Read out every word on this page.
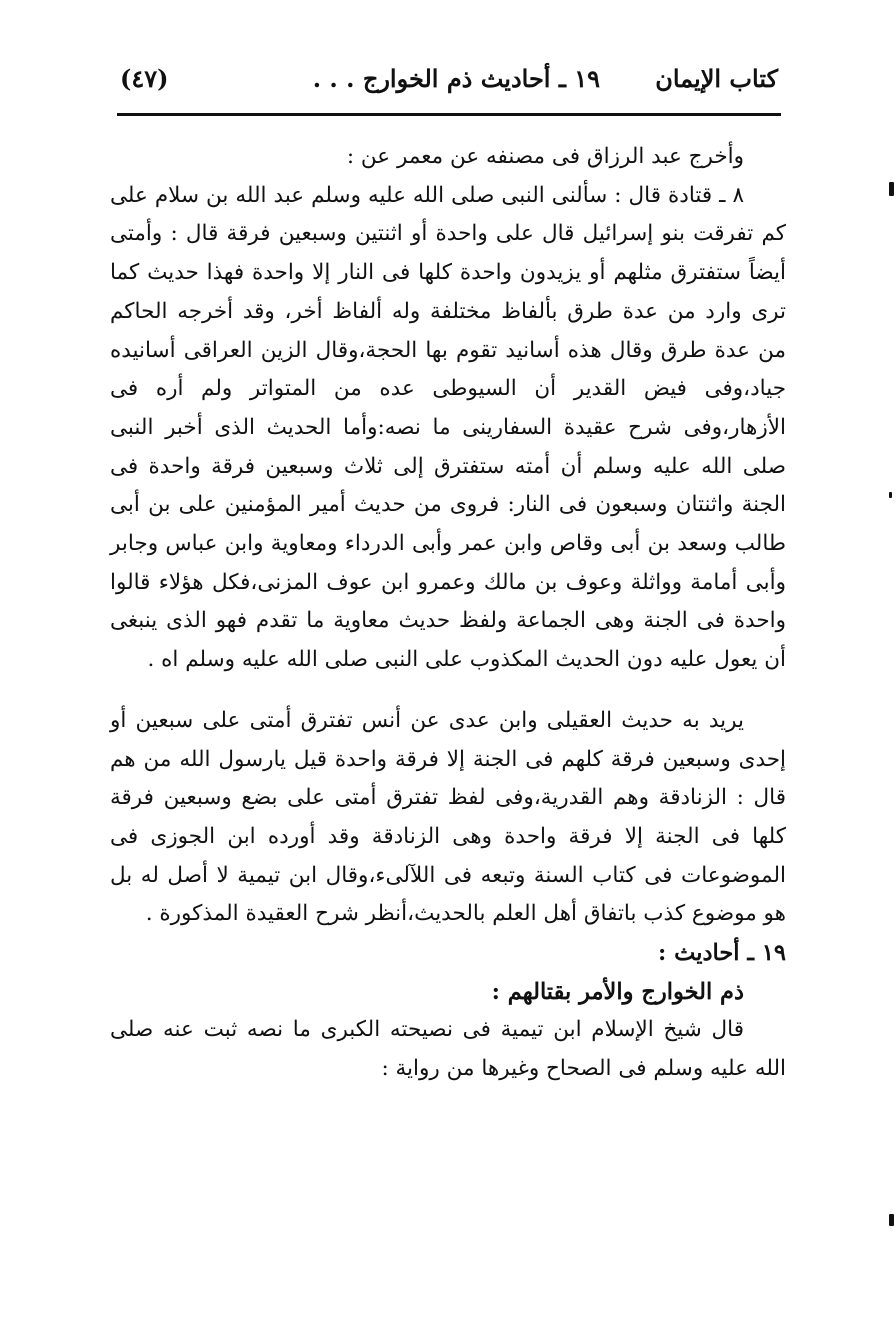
كتاب الإيمان
١٩ ـ أحاديث ذم الخوارج . . .
(٤٧)

وأخرج عبد الرزاق فى مصنفه عن معمر عن :

٨ ـ قتادة قال : سألنى النبى صلى الله عليه وسلم عبد الله بن سلام على كم تفرقت بنو إسرائيل قال على واحدة أو اثنتين وسبعين فرقة قال : وأمتى أيضاً ستفترق مثلهم أو يزيدون واحدة كلها فى النار إلا واحدة فهذا حديث كما ترى وارد من عدة طرق بألفاظ مختلفة وله ألفاظ أخر، وقد أخرجه الحاكم من عدة طرق وقال هذه أسانيد تقوم بها الحجة،وقال الزين العراقى أسانيده جياد،وفى فيض القدير أن السيوطى عده من المتواتر ولم أره فى الأزهار،وفى شرح عقيدة السفارينى ما نصه:وأما الحديث الذى أخبر النبى صلى الله عليه وسلم أن أمته ستفترق إلى ثلاث وسبعين فرقة واحدة فى الجنة واثنتان وسبعون فى النار: فروى من حديث أمير المؤمنين على بن أبى طالب وسعد بن أبى وقاص وابن عمر وأبى الدرداء ومعاوية وابن عباس وجابر وأبى أمامة وواثلة وعوف بن مالك وعمرو ابن عوف المزنى،فكل هؤلاء قالوا واحدة فى الجنة وهى الجماعة ولفظ حديث معاوية ما تقدم فهو الذى ينبغى أن يعول عليه دون الحديث المكذوب على النبى صلى الله عليه وسلم اه .

يريد به حديث العقيلى وابن عدى عن أنس تفترق أمتى على سبعين أو إحدى وسبعين فرقة كلهم فى الجنة إلا فرقة واحدة قيل يارسول الله من هم قال : الزنادقة وهم القدرية،وفى لفظ تفترق أمتى على بضع وسبعين فرقة كلها فى الجنة إلا فرقة واحدة وهى الزنادقة وقد أورده ابن الجوزى فى الموضوعات فى كتاب السنة وتبعه فى اللآلىء،وقال ابن تيمية لا أصل له بل هو موضوع كذب باتفاق أهل العلم بالحديث،أنظر شرح العقيدة المذكورة .

١٩ ـ أحاديث :

ذم الخوارج والأمر بقتالهم :

قال شيخ الإسلام ابن تيمية فى نصيحته الكبرى ما نصه ثبت عنه صلى الله عليه وسلم فى الصحاح وغيرها من رواية :
